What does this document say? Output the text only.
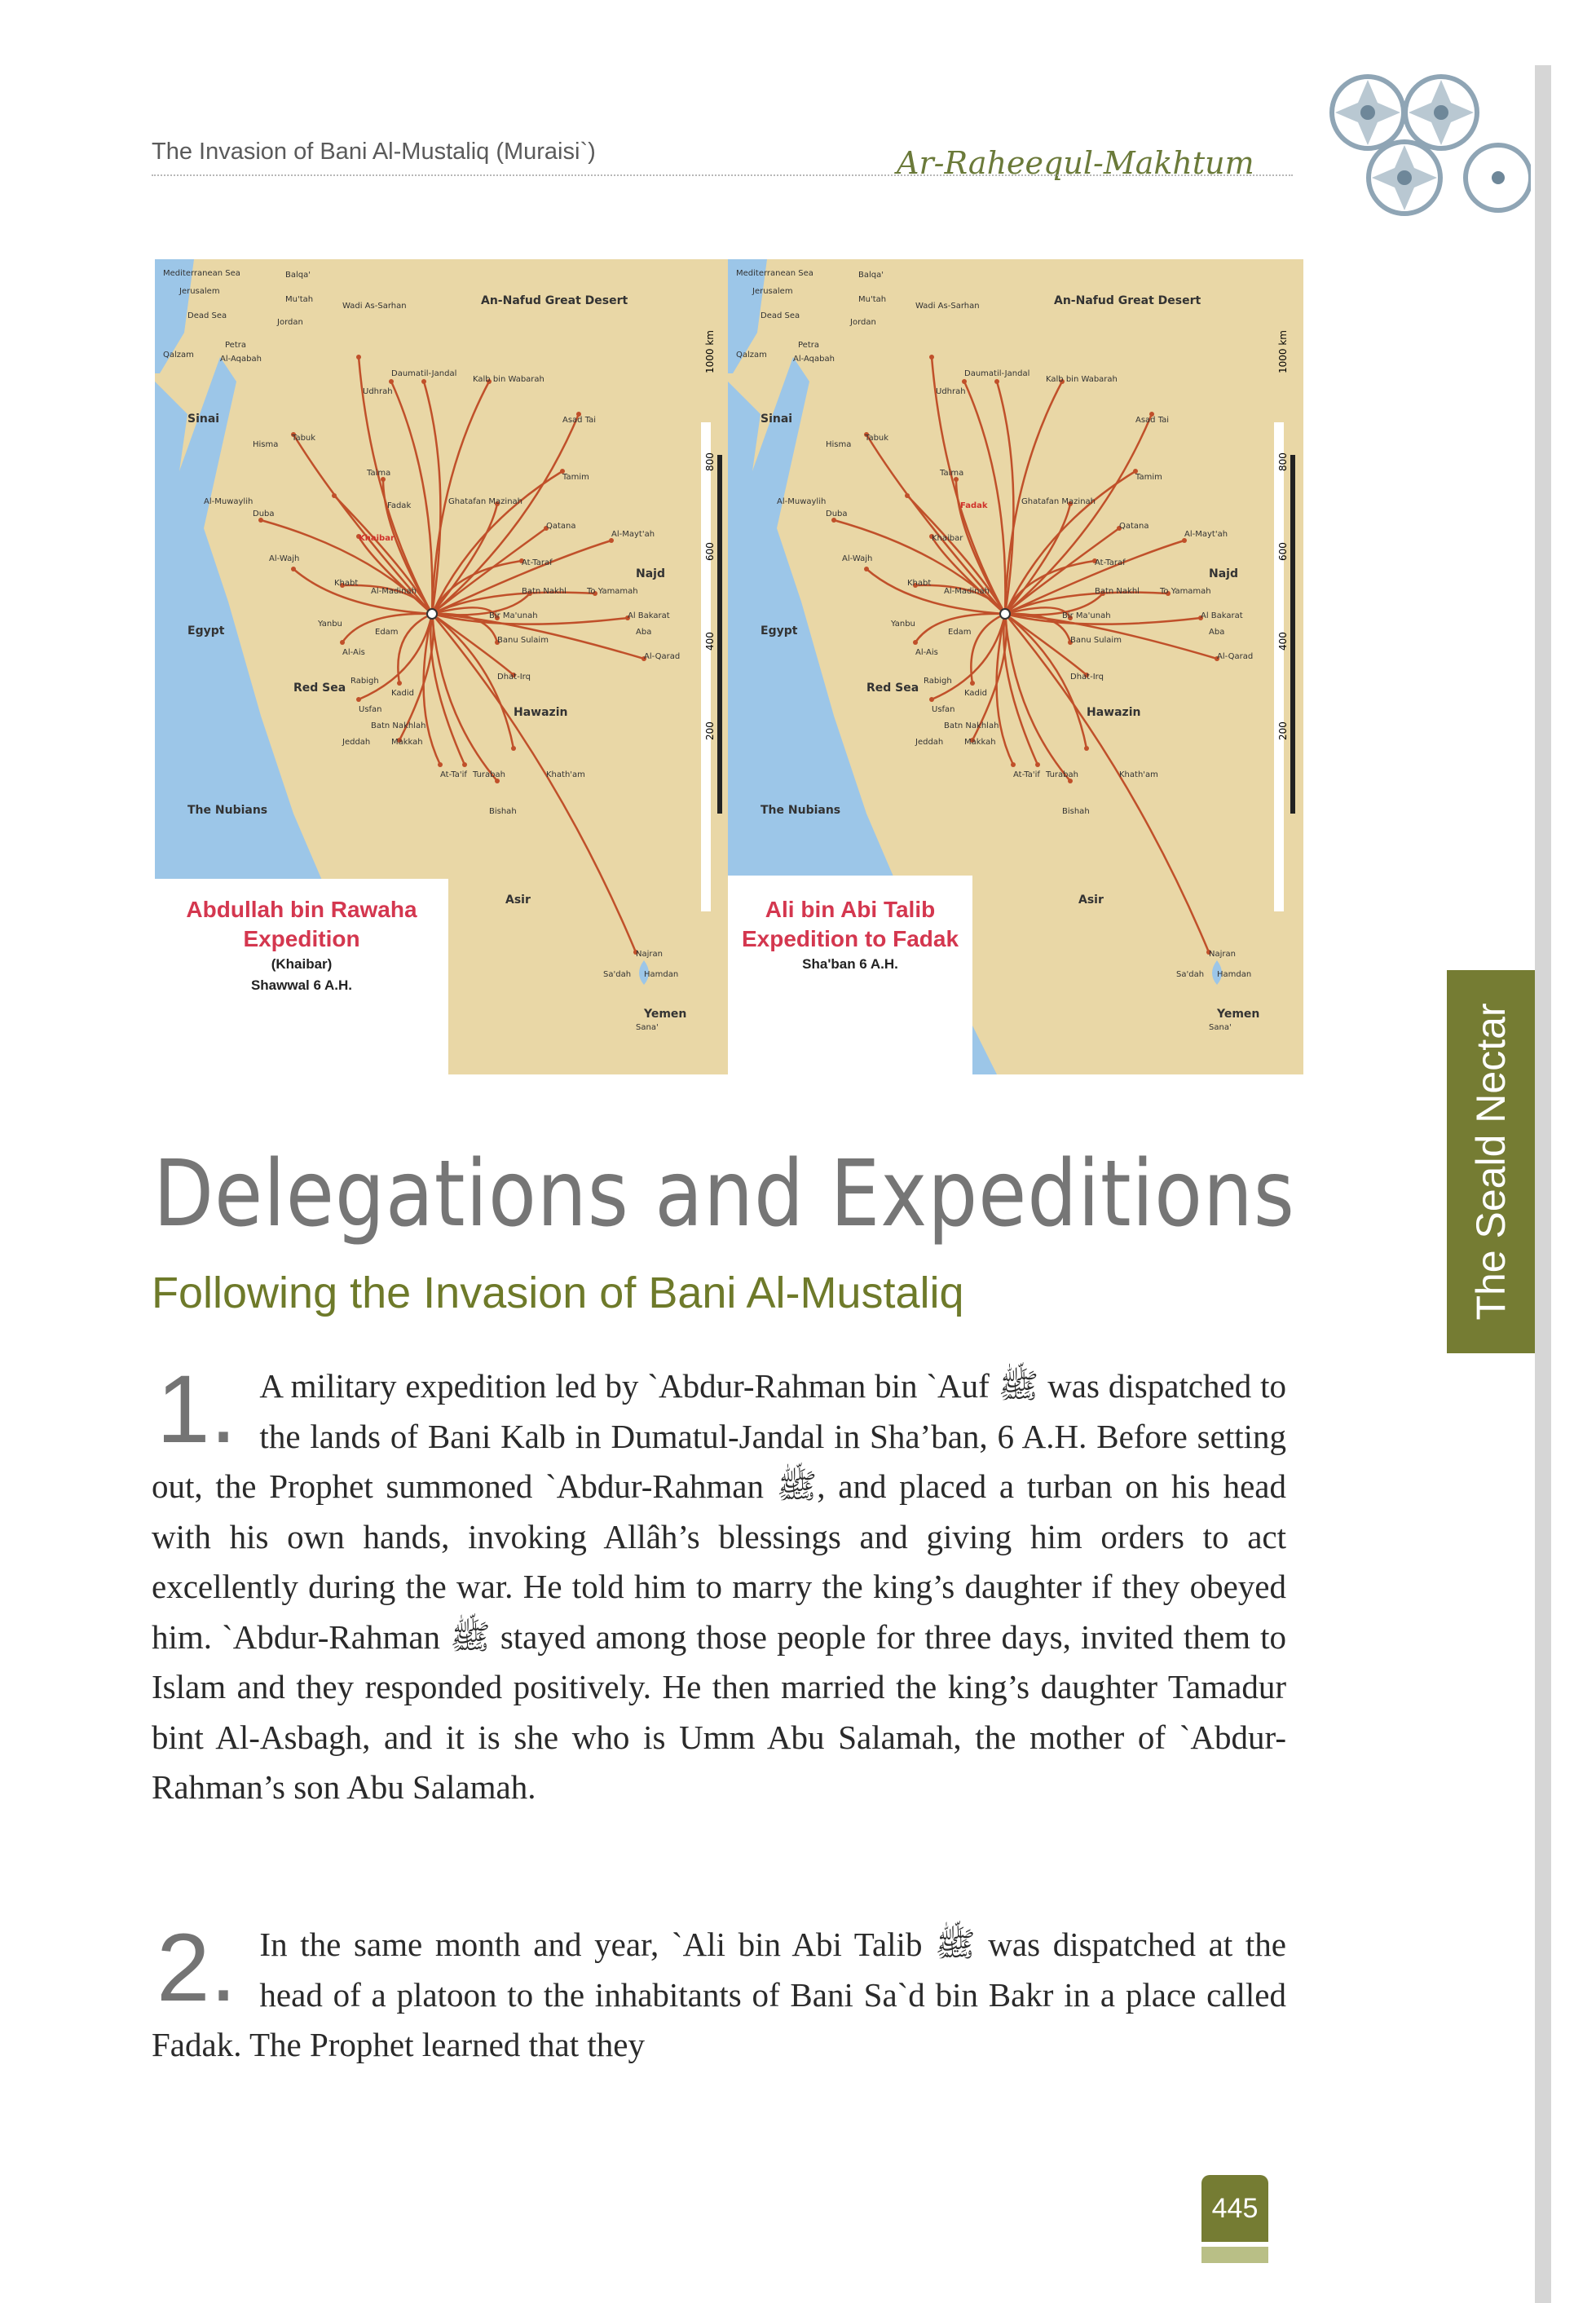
The Invasion of Bani Al-Mustaliq (Muraisi`)	Ar-Raheequl-Makhtum
The Seald Nectar
Mediterranean Sea
Jerusalem
Dead Sea
Qalzam
Petra
Al-Aqabah
Sinai
Hisma
Tabuk
Al-Muwaylih
Duba
Al-Wajh
Egypt
Red Sea
The Nubians
Balqa'
Mu'tah
Wadi As-Sarhan
Jordan
An-Nafud Great Desert
Daumatil-Jandal
Udhrah
Kalb bin Wabarah
Asad Tai
Taima	Tamim
Ghatafan Mazinah
Fadak
Khaibar
Qatana
Al-Mayt'ah
At-Taraf
Najd
Batn Nakhl	To Yamamah
Al-Madinah
Khabt
Bir Ma'unah	Al Bakarat
Yanbu
Edam	Aba
Banu Sulaim
Al-Qarad
Al-Ais
Rabigh	Dhat-Irq
Kadid
Usfan
Batn Nakhlah
Jeddah	Makkah
At-Ta'if
Hawazin
Turabah	Khath'am
Bishah
Asir
Najran
Sa'dah Hamdan
Yemen
Sana'
1000 km
800
600
400
200
Abdullah bin Rawaha Expedition
(Khaibar)
Shawwal 6 A.H.
Mediterranean Sea
Jerusalem
Dead Sea
Qalzam
Petra
Al-Aqabah
Sinai
Hisma
Tabuk
Al-Muwaylih
Duba
Al-Wajh
Egypt
Red Sea
The Nubians
Balqa'
Mu'tah
Wadi As-Sarhan
Jordan
An-Nafud Great Desert
Daumatil-Jandal
Udhrah
Kalb bin Wabarah
Asad Tai
Taima	Tamim
Ghatafan Mazinah
Fadak
Khaibar
Qatana
Al-Mayt'ah
At-Taraf
Najd
Batn Nakhl	To Yamamah
Al-Madinah
Khabt
Bir Ma'unah	Al Bakarat
Yanbu
Edam	Aba
Banu Sulaim
Al-Qarad
Al-Ais
Rabigh	Dhat-Irq
Kadid
Usfan
Batn Nakhlah
Jeddah	Makkah
At-Ta'if
Hawazin
Turabah	Khath'am
Bishah
Asir
Najran
Sa'dah Hamdan
Yemen
Sana'
1000 km
800
600
400
200
Ali bin Abi Talib Expedition to Fadak
Sha'ban 6 A.H.
Delegations and Expeditions
Following the Invasion of Bani Al-Mustaliq
1. A military expedition led by `Abdur-Rahman bin `Auf ﷺ was dispatched to the lands of Bani Kalb in Dumatul-Jandal in Sha’ban, 6 A.H. Before setting out, the Prophet summoned `Abdur-Rahman ﷺ, and placed a turban on his head with his own hands, invoking Allâh’s blessings and giving him orders to act excellently during the war. He told him to marry the king’s daughter if they obeyed him. `Abdur-Rahman ﷺ stayed among those people for three days, invited them to Islam and they responded positively. He then married the king’s daughter Tamadur bint Al-Asbagh, and it is she who is Umm Abu Salamah, the mother of `Abdur-Rahman’s son Abu Salamah.
2. In the same month and year, `Ali bin Abi Talib ﷺ was dispatched at the head of a platoon to the inhabitants of Bani Sa`d bin Bakr in a place called Fadak. The Prophet learned that they
445
